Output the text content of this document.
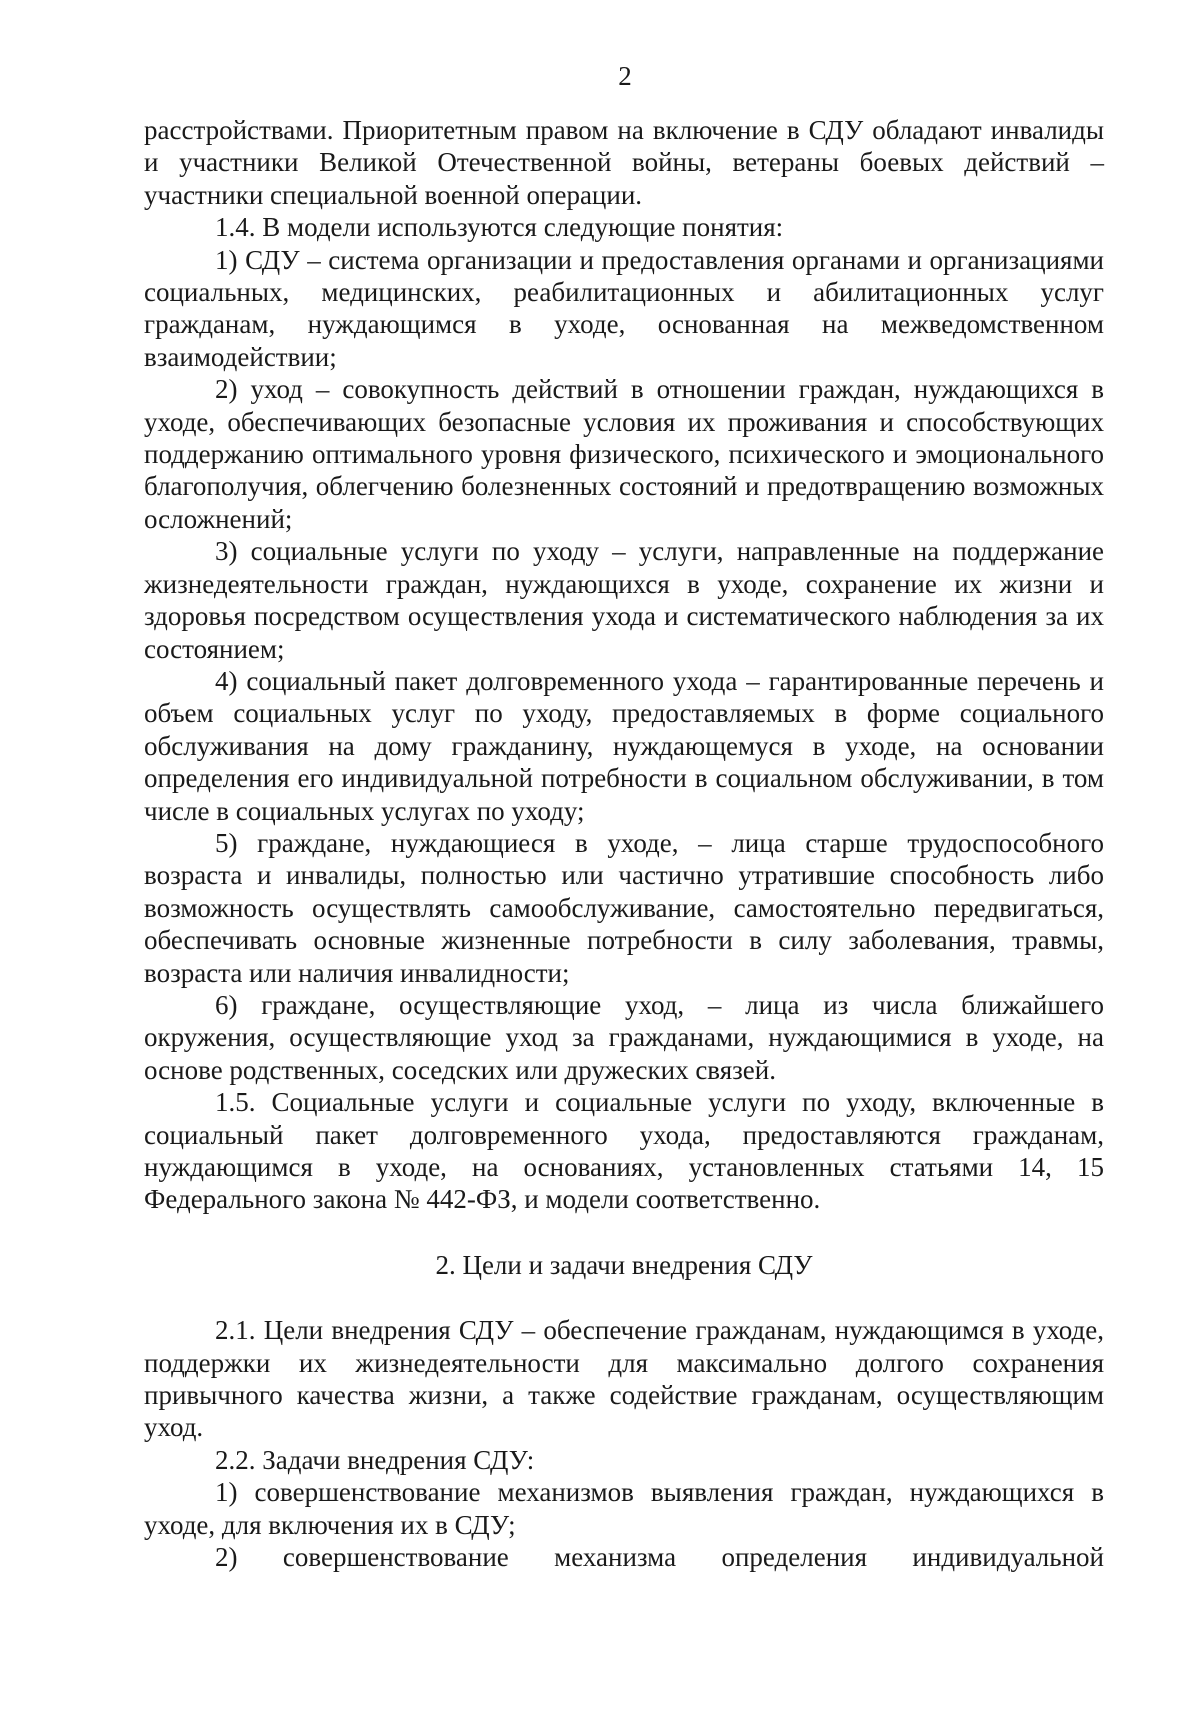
2

расстройствами. Приоритетным правом на включение в СДУ обладают инвалиды и участники Великой Отечественной войны, ветераны боевых действий – участники специальной военной операции.

1.4. В модели используются следующие понятия:

1) СДУ – система организации и предоставления органами и организациями социальных, медицинских, реабилитационных и абилитационных услуг гражданам, нуждающимся в уходе, основанная на межведомственном взаимодействии;

2) уход – совокупность действий в отношении граждан, нуждающихся в уходе, обеспечивающих безопасные условия их проживания и способствующих поддержанию оптимального уровня физического, психического и эмоционального благополучия, облегчению болезненных состояний и предотвращению возможных осложнений;

3) социальные услуги по уходу – услуги, направленные на поддержание жизнедеятельности граждан, нуждающихся в уходе, сохранение их жизни и здоровья посредством осуществления ухода и систематического наблюдения за их состоянием;

4) социальный пакет долговременного ухода – гарантированные перечень и объем социальных услуг по уходу, предоставляемых в форме социального обслуживания на дому гражданину, нуждающемуся в уходе, на основании определения его индивидуальной потребности в социальном обслуживании, в том числе в социальных услугах по уходу;

5) граждане, нуждающиеся в уходе, – лица старше трудоспособного возраста и инвалиды, полностью или частично утратившие способность либо возможность осуществлять самообслуживание, самостоятельно передвигаться, обеспечивать основные жизненные потребности в силу заболевания, травмы, возраста или наличия инвалидности;

6) граждане, осуществляющие уход, – лица из числа ближайшего окружения, осуществляющие уход за гражданами, нуждающимися в уходе, на основе родственных, соседских или дружеских связей.

1.5. Социальные услуги и социальные услуги по уходу, включенные в социальный пакет долговременного ухода, предоставляются гражданам, нуждающимся в уходе, на основаниях, установленных статьями 14, 15 Федерального закона № 442-ФЗ, и модели соответственно.

2. Цели и задачи внедрения СДУ

2.1. Цели внедрения СДУ – обеспечение гражданам, нуждающимся в уходе, поддержки их жизнедеятельности для максимально долгого сохранения привычного качества жизни, а также содействие гражданам, осуществляющим уход.

2.2. Задачи внедрения СДУ:

1) совершенствование механизмов выявления граждан, нуждающихся в уходе, для включения их в СДУ;

2) совершенствование механизма определения индивидуальной
